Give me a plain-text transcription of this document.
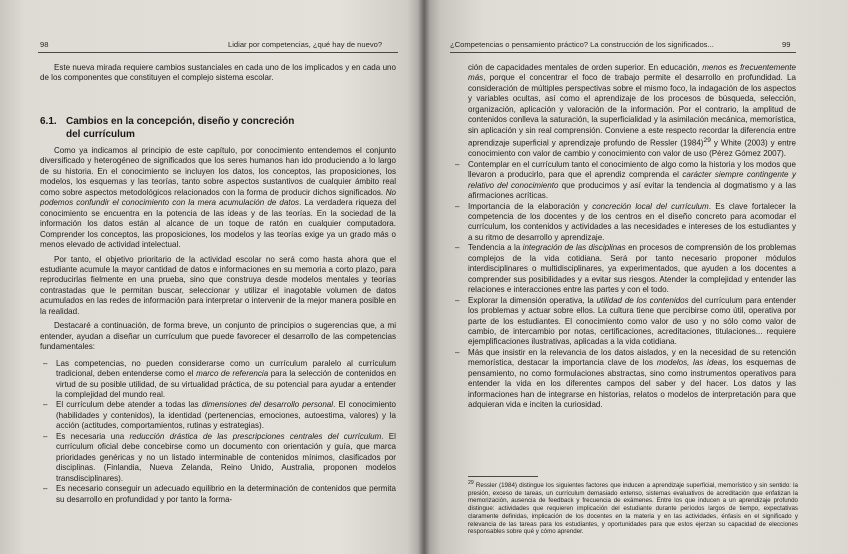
98	Lidiar por competencias, ¿qué hay de nuevo?

Este nueva mirada requiere cambios sustanciales en cada uno de los implicados y en cada uno de los componentes que constituyen el complejo sistema escolar.

6.1. Cambios en la concepción, diseño y concreción
del currículum

Como ya indicamos al principio de este capítulo, por conocimiento entendemos el conjunto diversificado y heterogéneo de significados que los seres humanos han ido produciendo a lo largo de su historia. En el conocimiento se incluyen los datos, los conceptos, las proposiciones, los modelos, los esquemas y las teorías, tanto sobre aspectos sustantivos de cualquier ámbito real como sobre aspectos metodológicos relacionados con la forma de producir dichos significados. No podemos confundir el conocimiento con la mera acumulación de datos. La verdadera riqueza del conocimiento se encuentra en la potencia de las ideas y de las teorías. En la sociedad de la información los datos están al alcance de un toque de ratón en cualquier computadora. Comprender los conceptos, las proposiciones, los modelos y las teorías exige ya un grado más o menos elevado de actividad intelectual.

Por tanto, el objetivo prioritario de la actividad escolar no será como hasta ahora que el estudiante acumule la mayor cantidad de datos e informaciones en su memoria a corto plazo, para reproducirlas fielmente en una prueba, sino que construya desde modelos mentales y teorías contrastadas que le permitan buscar, seleccionar y utilizar el inagotable volumen de datos acumulados en las redes de información para interpretar o intervenir de la mejor manera posible en la realidad.

Destacaré a continuación, de forma breve, un conjunto de principios o sugerencias que, a mi entender, ayudan a diseñar un currículum que puede favorecer el desarrollo de las competencias fundamentales:

– Las competencias, no pueden considerarse como un currículum paralelo al currículum tradicional, deben entenderse como el marco de referencia para la selección de contenidos en virtud de su posible utilidad, de su virtualidad práctica, de su potencial para ayudar a entender la complejidad del mundo real.

– El currículum debe atender a todas las dimensiones del desarrollo personal. El conocimiento (habilidades y contenidos), la identidad (pertenencias, emociones, autoestima, valores) y la acción (actitudes, comportamientos, rutinas y estrategias).

– Es necesaria una reducción drástica de las prescripciones centrales del currículum. El currículum oficial debe concebirse como un documento con orientación y guía, que marca prioridades genéricas y no un listado interminable de contenidos mínimos, clasificados por disciplinas. (Finlandia, Nueva Zelanda, Reino Unido, Australia, proponen modelos transdisciplinares).

– Es necesario conseguir un adecuado equilibrio en la determinación de contenidos que permita su desarrollo en profundidad y por tanto la forma-

¿Competencias o pensamiento práctico? La construcción de los significados...	99

ción de capacidades mentales de orden superior. En educación, menos es frecuentemente más, porque el concentrar el foco de trabajo permite el desarrollo en profundidad. La consideración de múltiples perspectivas sobre el mismo foco, la indagación de los aspectos y variables ocultas, así como el aprendizaje de los procesos de búsqueda, selección, organización, aplicación y valoración de la información. Por el contrario, la amplitud de contenidos conlleva la saturación, la superficialidad y la asimilación mecánica, memorística, sin aplicación y sin real comprensión. Conviene a este respecto recordar la diferencia entre aprendizaje superficial y aprendizaje profundo de Ressler $(1984)^{29}$ y White (2003) y entre conocimiento con valor de cambio y conocimiento con valor de uso (Pérez Gómez 2007).

– Contemplar en el currículum tanto el conocimiento de algo como la historia y los modos que llevaron a producirlo, para que el aprendiz comprenda el carácter siempre contingente y relativo del conocimiento que producimos y así evitar la tendencia al dogmatismo y a las afirmaciones acríticas.

– Importancia de la elaboración y concreción local del currículum. Es clave fortalecer la competencia de los docentes y de los centros en el diseño concreto para acomodar el currículum, los contenidos y actividades a las necesidades e intereses de los estudiantes y a su ritmo de desarrollo y aprendizaje.

– Tendencia a la integración de las disciplinas en procesos de comprensión de los problemas complejos de la vida cotidiana. Será por tanto necesario proponer módulos interdisciplinares o multidisciplinares, ya experimentados, que ayuden a los docentes a comprender sus posibilidades y a evitar sus riesgos. Atender la complejidad y entender las relaciones e interacciones entre las partes y con el todo.

– Explorar la dimensión operativa, la utilidad de los contenidos del currículum para entender los problemas y actuar sobre ellos. La cultura tiene que percibirse como útil, operativa por parte de los estudiantes. El conocimiento como valor de uso y no sólo como valor de cambio, de intercambio por notas, certificaciones, acreditaciones, titulaciones... requiere ejemplificaciones ilustrativas, aplicadas a la vida cotidiana.

– Más que insistir en la relevancia de los datos aislados, y en la necesidad de su retención memorística, destacar la importancia clave de los modelos, las ideas, los esquemas de pensamiento, no como formulaciones abstractas, sino como instrumentos operativos para entender la vida en los diferentes campos del saber y del hacer. Los datos y las informaciones han de integrarse en historias, relatos o modelos de interpretación para que adquieran vida e inciten la curiosidad.

$^{29}$ Ressler (1984) distingue los siguientes factores que inducen a aprendizaje superficial, memorístico y sin sentido: la presión, exceso de tareas, un currículum demasiado extenso, sistemas evaluativos de acreditación que enfatizan la memorización, ausencia de feedback y frecuencia de exámenes. Entre los que inducen a un aprendizaje profundo distingue: actividades que requieren implicación del estudiante durante períodos largos de tiempo, expectativas claramente definidas, implicación de los docentes en la materia y en las actividades, énfasis en el significado y relevancia de las tareas para los estudiantes, y oportunidades para que estos ejerzan su capacidad de elecciones responsables sobre qué y cómo aprender.
